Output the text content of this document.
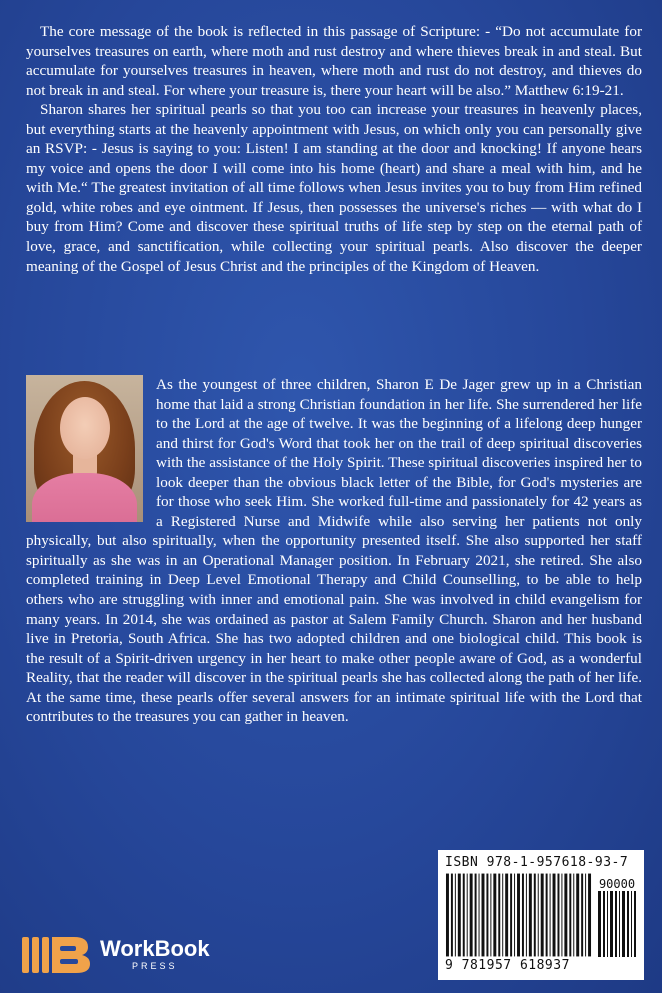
The core message of the book is reflected in this passage of Scripture: - “Do not accumulate for yourselves treasures on earth, where moth and rust destroy and where thieves break in and steal. But accumulate for yourselves treasures in heaven, where moth and rust do not destroy, and thieves do not break in and steal. For where your treasure is, there your heart will be also.” Matthew 6:19-21.

Sharon shares her spiritual pearls so that you too can increase your treasures in heavenly places, but everything starts at the heavenly appointment with Jesus, on which only you can personally give an RSVP: - Jesus is saying to you: Listen! I am standing at the door and knocking! If anyone hears my voice and opens the door I will come into his home (heart) and share a meal with him, and he with Me.“ The greatest invitation of all time follows when Jesus invites you to buy from Him refined gold, white robes and eye ointment. If Jesus, then possesses the universe's riches — with what do I buy from Him? Come and discover these spiritual truths of life step by step on the eternal path of love, grace, and sanctification, while collecting your spiritual pearls. Also discover the deeper meaning of the Gospel of Jesus Christ and the principles of the Kingdom of Heaven.

As the youngest of three children, Sharon E De Jager grew up in a Christian home that laid a strong Christian foundation in her life. She surrendered her life to the Lord at the age of twelve. It was the beginning of a lifelong deep hunger and thirst for God's Word that took her on the trail of deep spiritual discoveries with the assistance of the Holy Spirit. These spiritual discoveries inspired her to look deeper than the obvious black letter of the Bible, for God's mysteries are for those who seek Him. She worked full-time and passionately for 42 years as a Registered Nurse and Midwife while also serving her patients not only physically, but also spiritually, when the opportunity presented itself. She also supported her staff spiritually as she was in an Operational Manager position. In February 2021, she retired. She also completed training in Deep Level Emotional Therapy and Child Counselling, to be able to help others who are struggling with inner and emotional pain. She was involved in child evangelism for many years. In 2014, she was ordained as pastor at Salem Family Church. Sharon and her husband live in Pretoria, South Africa. She has two adopted children and one biological child. This book is the result of a Spirit-driven urgency in her heart to make other people aware of God, as a wonderful Reality, that the reader will discover in the spiritual pearls she has collected along the path of her life. At the same time, these pearls offer several answers for an intimate spiritual life with the Lord that contributes to the treasures you can gather in heaven.
ISBN 978-1-957618-93-7
90000
9 781957 618937
WorkBook
PRESS
